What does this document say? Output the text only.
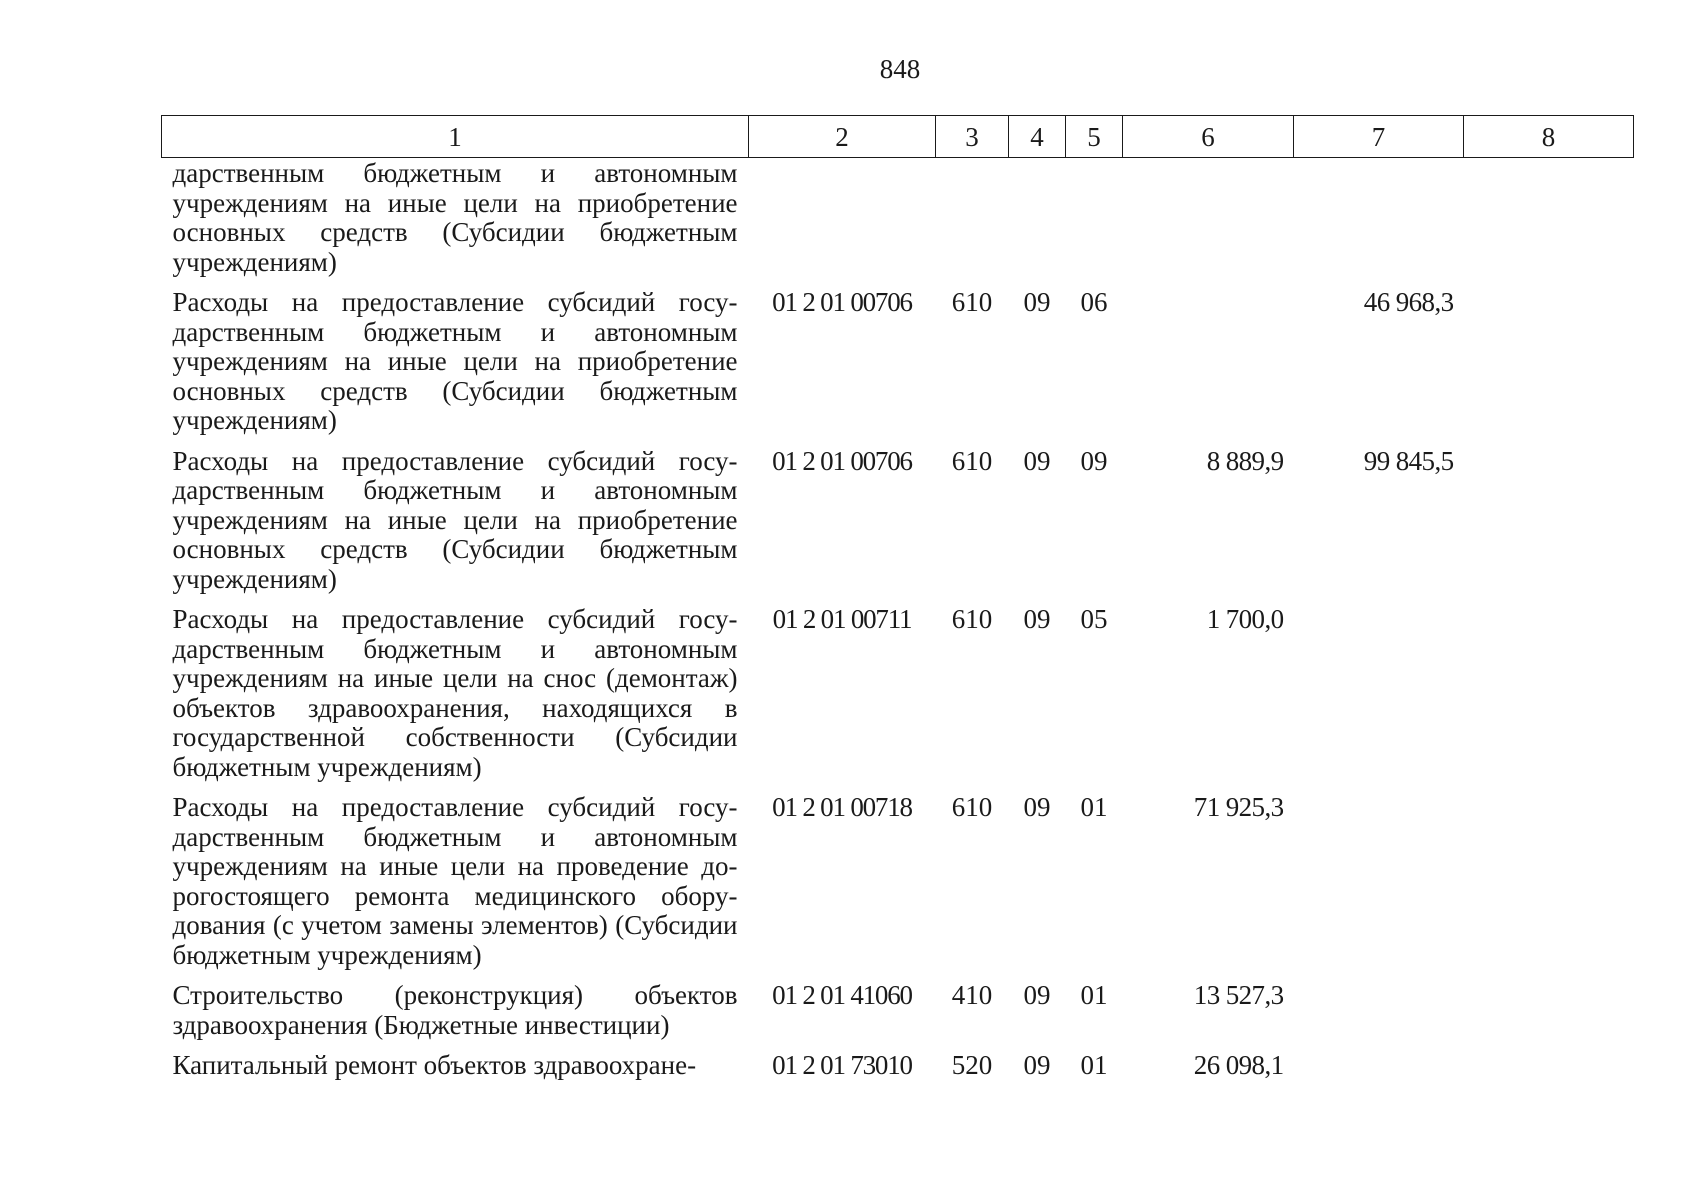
848
1	2	3	4	5	6	7	8
дарственным бюджетным и автономным учреждениям на иные цели на приобретение основных средств (Субсидии бюджетным учреждениям)							
Расходы на предоставление субсидий государственным бюджетным и автономным учреждениям на иные цели на приобретение основных средств (Субсидии бюджетным учреждениям)	01 2 01 00706	610	09	06		46 968,3	
Расходы на предоставление субсидий государственным бюджетным и автономным учреждениям на иные цели на приобретение основных средств (Субсидии бюджетным учреждениям)	01 2 01 00706	610	09	09	8 889,9	99 845,5	
Расходы на предоставление субсидий государственным бюджетным и автономным учреждениям на иные цели на снос (демонтаж) объектов здравоохранения, находящихся в государственной собственности (Субсидии бюджетным учреждениям)	01 2 01 00711	610	09	05	1 700,0		
Расходы на предоставление субсидий государственным бюджетным и автономным учреждениям на иные цели на проведение дорогостоящего ремонта медицинского оборудования (с учетом замены элементов) (Субсидии бюджетным учреждениям)	01 2 01 00718	610	09	01	71 925,3		
Строительство (реконструкция) объектов здравоохранения (Бюджетные инвестиции)	01 2 01 41060	410	09	01	13 527,3		
Капитальный ремонт объектов здравоохране-	01 2 01 73010	520	09	01	26 098,1		
